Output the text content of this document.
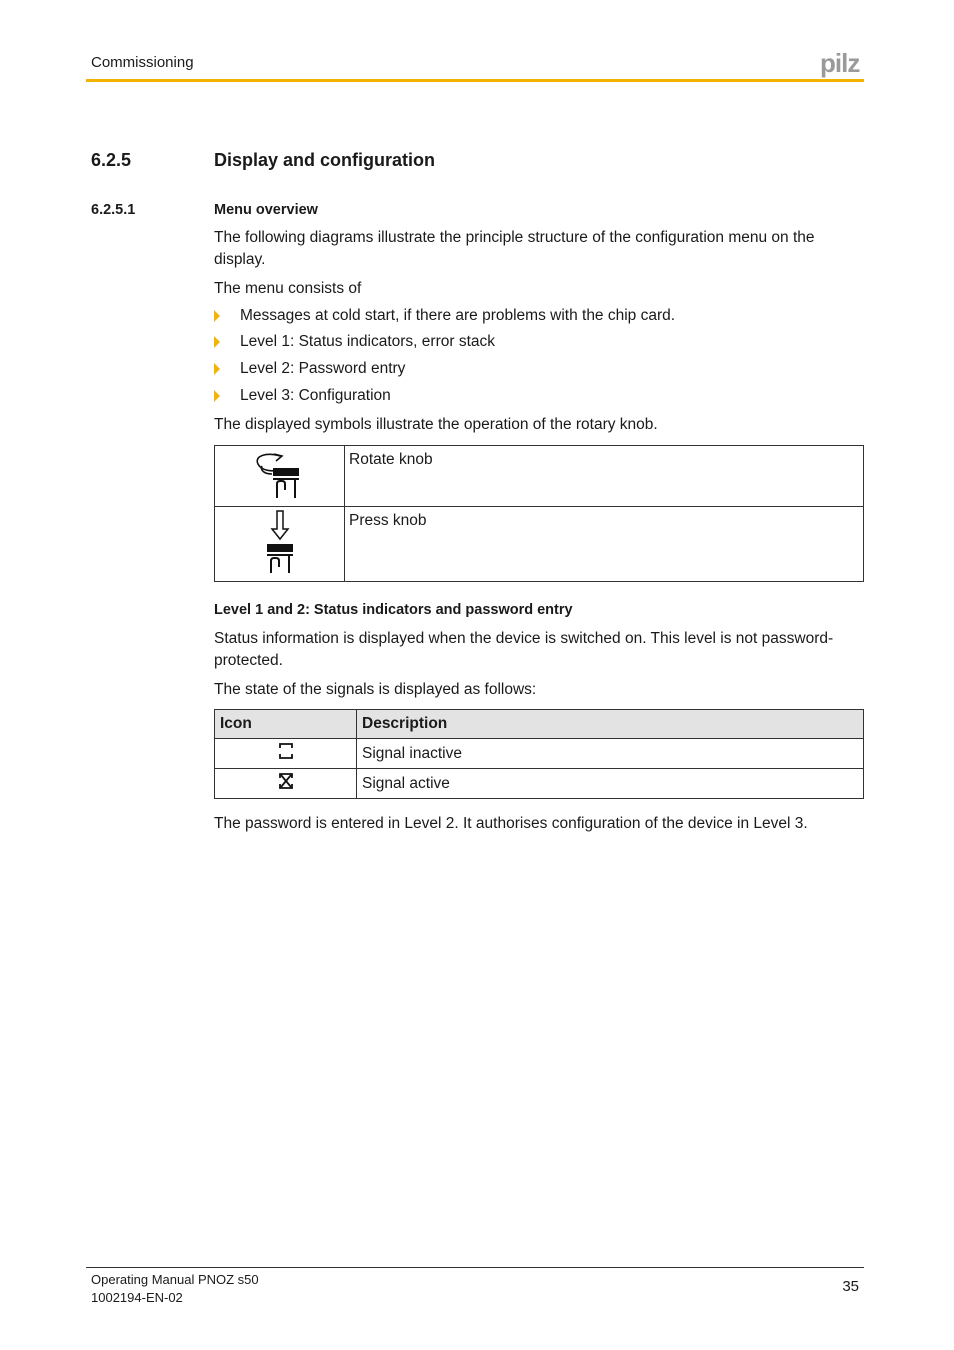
Commissioning	pilz
6.2.5	Display and configuration
6.2.5.1	Menu overview
The following diagrams illustrate the principle structure of the configuration menu on the display.
The menu consists of
Messages at cold start, if there are problems with the chip card.
Level 1: Status indicators, error stack
Level 2: Password entry
Level 3: Configuration
The displayed symbols illustrate the operation of the rotary knob.
	Rotate knob
	Press knob
Level 1 and 2: Status indicators and password entry
Status information is displayed when the device is switched on. This level is not password-protected.
The state of the signals is displayed as follows:
Icon	Description
	Signal inactive
	Signal active
The password is entered in Level 2. It authorises configuration of the device in Level 3.
Operating Manual PNOZ s50
1002194-EN-02
35
